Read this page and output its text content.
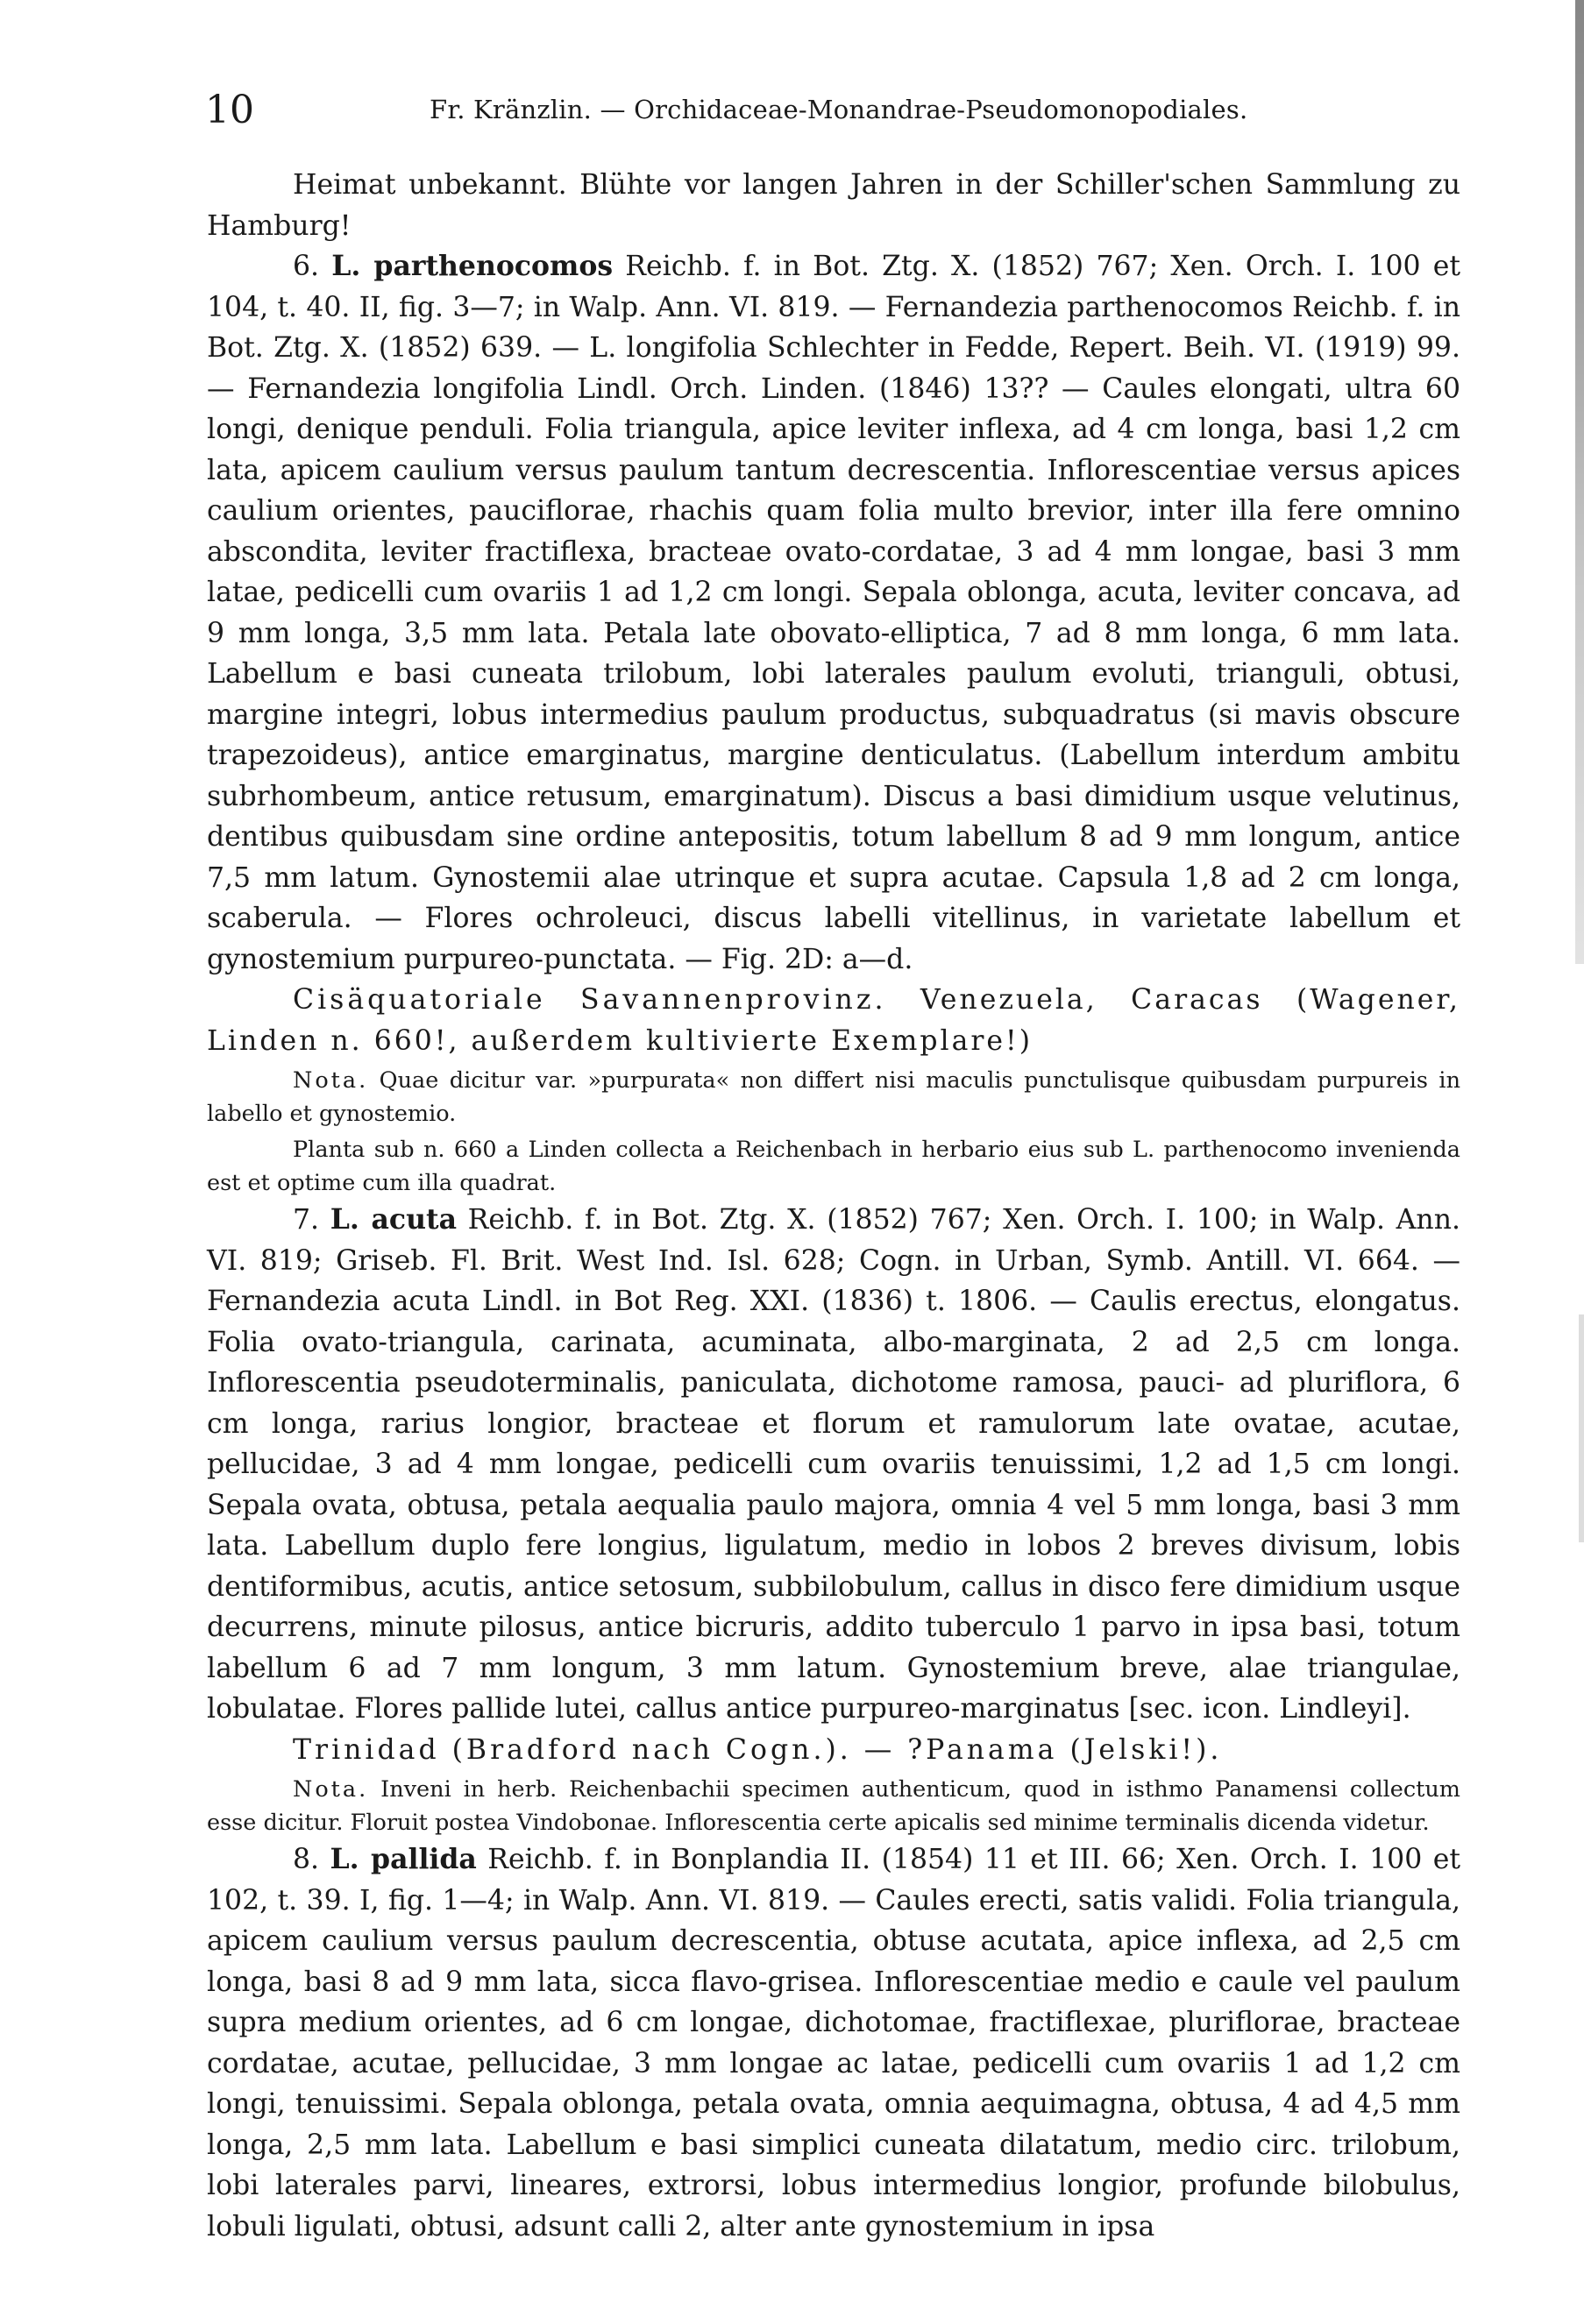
10	Fr. Kränzlin. — Orchidaceae-Monandrae-Pseudomonopodiales.

Heimat unbekannt. Blühte vor langen Jahren in der Schiller'schen Sammlung zu Hamburg!

6. L. parthenocomos Reichb. f. in Bot. Ztg. X. (1852) 767; Xen. Orch. I. 100 et 104, t. 40. II, fig. 3—7; in Walp. Ann. VI. 819. — Fernandezia parthenocomos Reichb. f. in Bot. Ztg. X. (1852) 639. — L. longifolia Schlechter in Fedde, Repert. Beih. VI. (1919) 99. — Fernandezia longifolia Lindl. Orch. Linden. (1846) 13?? — Caules elongati, ultra 60 longi, denique penduli. Folia triangula, apice leviter inflexa, ad 4 cm longa, basi 1,2 cm lata, apicem caulium versus paulum tantum decrescentia. Inflorescentiae versus apices caulium orientes, pauciflorae, rhachis quam folia multo brevior, inter illa fere omnino abscondita, leviter fractiflexa, bracteae ovato-cordatae, 3 ad 4 mm longae, basi 3 mm latae, pedicelli cum ovariis 1 ad 1,2 cm longi. Sepala oblonga, acuta, leviter concava, ad 9 mm longa, 3,5 mm lata. Petala late obovato-elliptica, 7 ad 8 mm longa, 6 mm lata. Labellum e basi cuneata trilobum, lobi laterales paulum evoluti, trianguli, obtusi, margine integri, lobus intermedius paulum productus, subquadratus (si mavis obscure trapezoideus), antice emarginatus, margine denticulatus. (Labellum interdum ambitu subrhombeum, antice retusum, emarginatum). Discus a basi dimidium usque velutinus, dentibus quibusdam sine ordine antepositis, totum labellum 8 ad 9 mm longum, antice 7,5 mm latum. Gynostemii alae utrinque et supra acutae. Capsula 1,8 ad 2 cm longa, scaberula. — Flores ochroleuci, discus labelli vitellinus, in varietate labellum et gynostemium purpureo-punctata. — Fig. 2D: a—d.

Cisäquatoriale Savannenprovinz. Venezuela, Caracas (Wagener, Linden n. 660!, außerdem kultivierte Exemplare!)

Nota. Quae dicitur var. »purpurata« non differt nisi maculis punctulisque quibusdam purpureis in labello et gynostemio.

Planta sub n. 660 a Linden collecta a Reichenbach in herbario eius sub L. parthenocomo invenienda est et optime cum illa quadrat.

7. L. acuta Reichb. f. in Bot. Ztg. X. (1852) 767; Xen. Orch. I. 100; in Walp. Ann. VI. 819; Griseb. Fl. Brit. West Ind. Isl. 628; Cogn. in Urban, Symb. Antill. VI. 664. — Fernandezia acuta Lindl. in Bot Reg. XXI. (1836) t. 1806. — Caulis erectus, elongatus. Folia ovato-triangula, carinata, acuminata, albo-marginata, 2 ad 2,5 cm longa. Inflorescentia pseudoterminalis, paniculata, dichotome ramosa, pauci- ad pluriflora, 6 cm longa, rarius longior, bracteae et florum et ramulorum late ovatae, acutae, pellucidae, 3 ad 4 mm longae, pedicelli cum ovariis tenuissimi, 1,2 ad 1,5 cm longi. Sepala ovata, obtusa, petala aequalia paulo majora, omnia 4 vel 5 mm longa, basi 3 mm lata. Labellum duplo fere longius, ligulatum, medio in lobos 2 breves divisum, lobis dentiformibus, acutis, antice setosum, subbilobulum, callus in disco fere dimidium usque decurrens, minute pilosus, antice bicruris, addito tuberculo 1 parvo in ipsa basi, totum labellum 6 ad 7 mm longum, 3 mm latum. Gynostemium breve, alae triangulae, lobulatae. Flores pallide lutei, callus antice purpureo-marginatus [sec. icon. Lindleyi].

Trinidad (Bradford nach Cogn.). — ?Panama (Jelski!).

Nota. Inveni in herb. Reichenbachii specimen authenticum, quod in isthmo Panamensi collectum esse dicitur. Floruit postea Vindobonae. Inflorescentia certe apicalis sed minime terminalis dicenda videtur.

8. L. pallida Reichb. f. in Bonplandia II. (1854) 11 et III. 66; Xen. Orch. I. 100 et 102, t. 39. I, fig. 1—4; in Walp. Ann. VI. 819. — Caules erecti, satis validi. Folia triangula, apicem caulium versus paulum decrescentia, obtuse acutata, apice inflexa, ad 2,5 cm longa, basi 8 ad 9 mm lata, sicca flavo-grisea. Inflorescentiae medio e caule vel paulum supra medium orientes, ad 6 cm longae, dichotomae, fractiflexae, pluriflorae, bracteae cordatae, acutae, pellucidae, 3 mm longae ac latae, pedicelli cum ovariis 1 ad 1,2 cm longi, tenuissimi. Sepala oblonga, petala ovata, omnia aequimagna, obtusa, 4 ad 4,5 mm longa, 2,5 mm lata. Labellum e basi simplici cuneata dilatatum, medio circ. trilobum, lobi laterales parvi, lineares, extrorsi, lobus intermedius longior, profunde bilobulus, lobuli ligulati, obtusi, adsunt calli 2, alter ante gynostemium in ipsa
